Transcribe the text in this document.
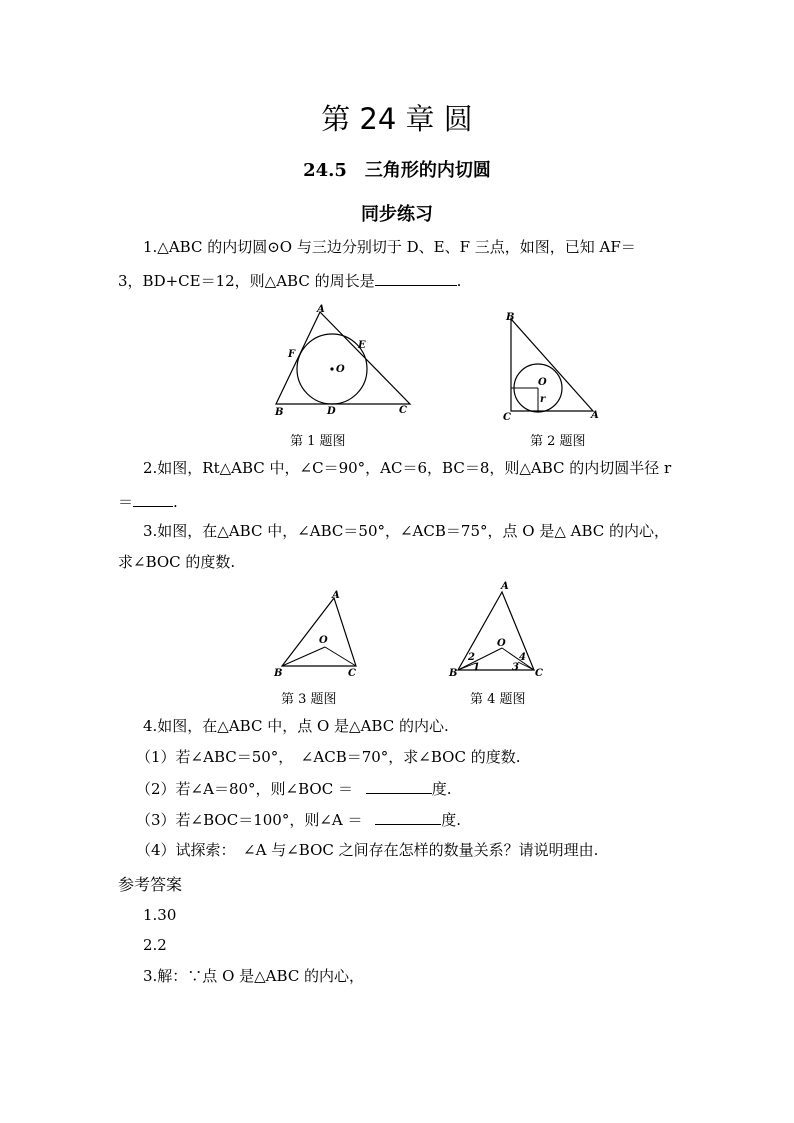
第 24 章 圆
24.5　三角形的内切圆
同步练习
1.△ABC 的内切圆⊙O 与三边分别切于 D、E、F 三点，如图，已知 AF＝
3，BD+CE＝12，则△ABC 的周长是	.
A
B	C
D
E
F
O
第 1 题图
B
O
r
C	A
第 2 题图
2.如图，Rt△ABC 中，∠C＝90°，AC＝6，BC＝8，则△ABC 的内切圆半径 r
＝	.
3.如图，在△ABC 中，∠ABC＝50°，∠ACB＝75°，点 O 是△ ABC 的内心，
求∠BOC 的度数.
A
O
B	C
第 3 题图
A
O
B	C
1
2
3
4
第 4 题图
4.如图，在△ABC 中，点 O 是△ABC 的内心.
（1）若∠ABC＝50°，　∠ACB＝70°，求∠BOC 的度数.
（2）若∠A＝80°，则∠BOC ＝	度.
（3）若∠BOC＝100°，则∠A ＝	度.
（4）试探索：　∠A 与∠BOC 之间存在怎样的数量关系？请说明理由.
参考答案
1.30
2.2
3.解：∵点 O 是△ABC 的内心，
